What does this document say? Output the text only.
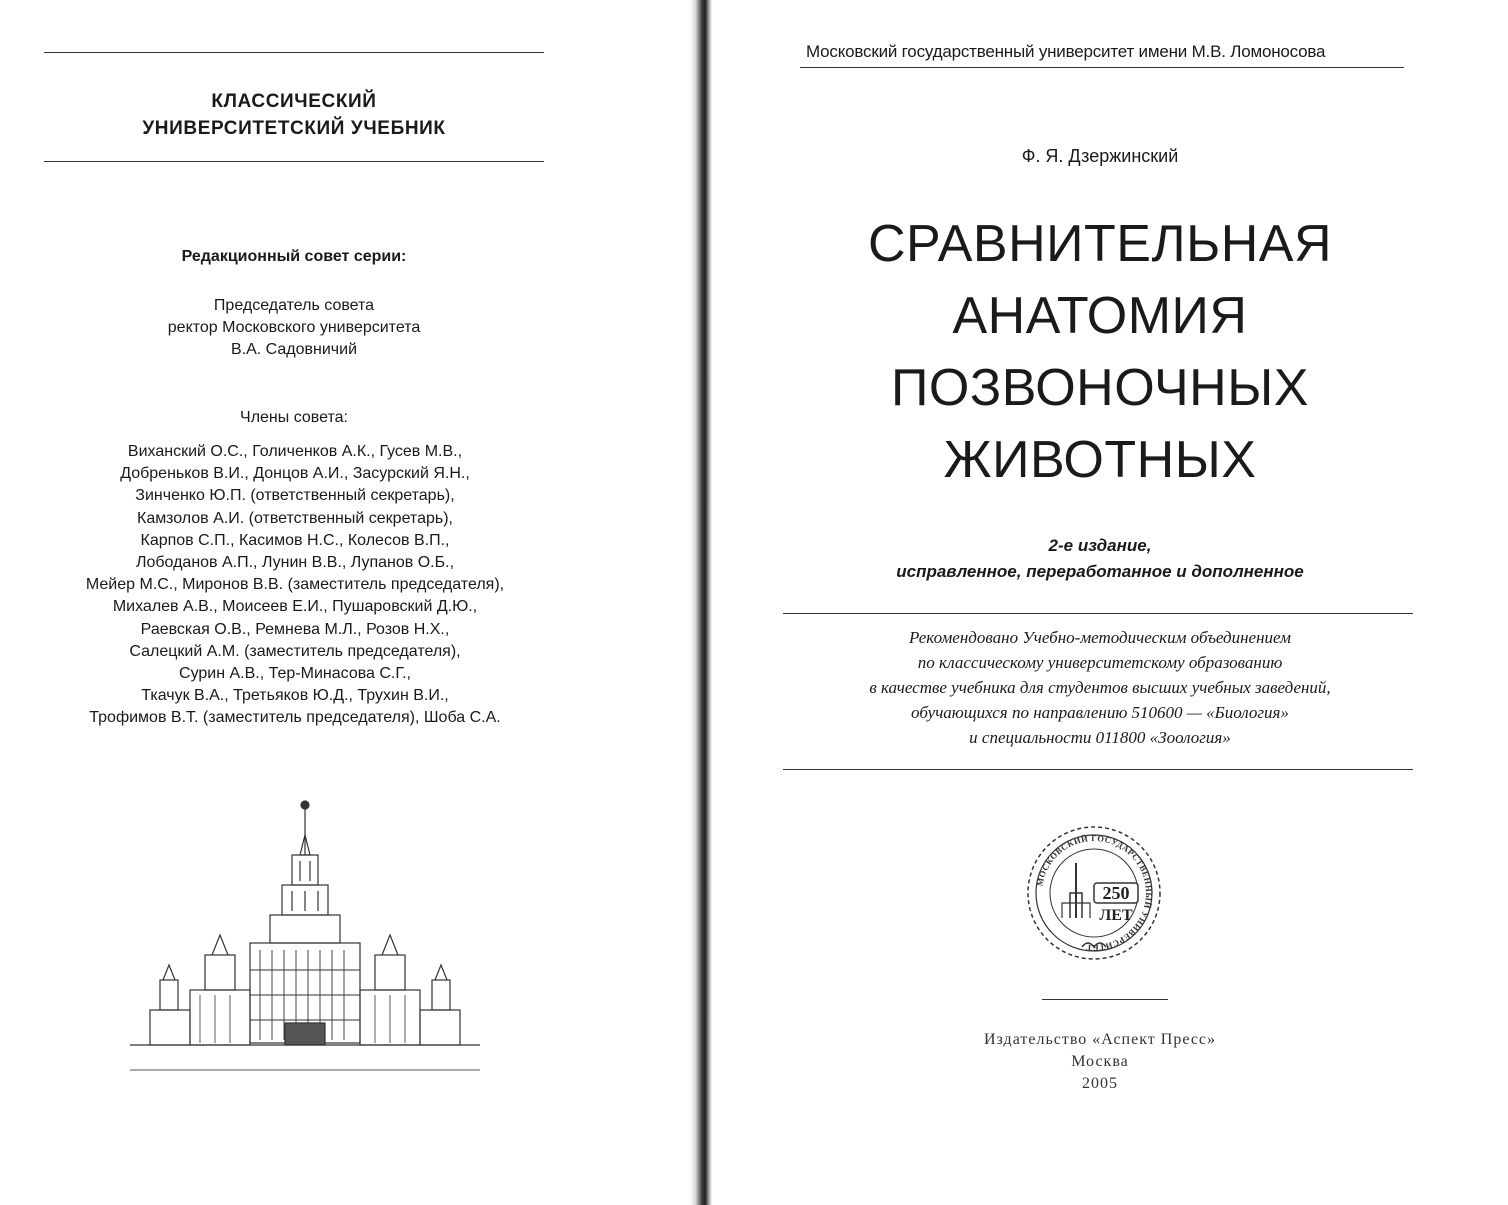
КЛАССИЧЕСКИЙ
УНИВЕРСИТЕТСКИЙ УЧЕБНИК
Редакционный совет серии:
Председатель совета
ректор Московского университета
В.А. Садовничий
Члены совета:
Виханский О.С., Голиченков А.К., Гусев М.В.,
Добреньков В.И., Донцов А.И., Засурский Я.Н.,
Зинченко Ю.П. (ответственный секретарь),
Камзолов А.И. (ответственный секретарь),
Карпов С.П., Касимов Н.С., Колесов В.П.,
Лободанов А.П., Лунин В.В., Лупанов О.Б.,
Мейер М.С., Миронов В.В. (заместитель председателя),
Михалев А.В., Моисеев Е.И., Пушаровский Д.Ю.,
Раевская О.В., Ремнева М.Л., Розов Н.Х.,
Салецкий А.М. (заместитель председателя),
Сурин А.В., Тер-Минасова С.Г.,
Ткачук В.А., Третьяков Ю.Д., Трухин В.И.,
Трофимов В.Т. (заместитель председателя), Шоба С.А.
Московский государственный университет имени М.В. Ломоносова
Ф. Я. Дзержинский
СРАВНИТЕЛЬНАЯ
АНАТОМИЯ
ПОЗВОНОЧНЫХ
ЖИВОТНЫХ
2-е издание,
исправленное, переработанное и дополненное
Рекомендовано Учебно-методическим объединением
по классическому университетскому образованию
в качестве учебника для студентов высших учебных заведений,
обучающихся по направлению 510600 — «Биология»
и специальности 011800 «Зоология»
МОСКОВСКИЙ ГОСУДАРСТВЕННЫЙ УНИВЕРСИТЕТ
250
ЛЕТ
Издательство «Аспект Пресс»
Москва
2005
